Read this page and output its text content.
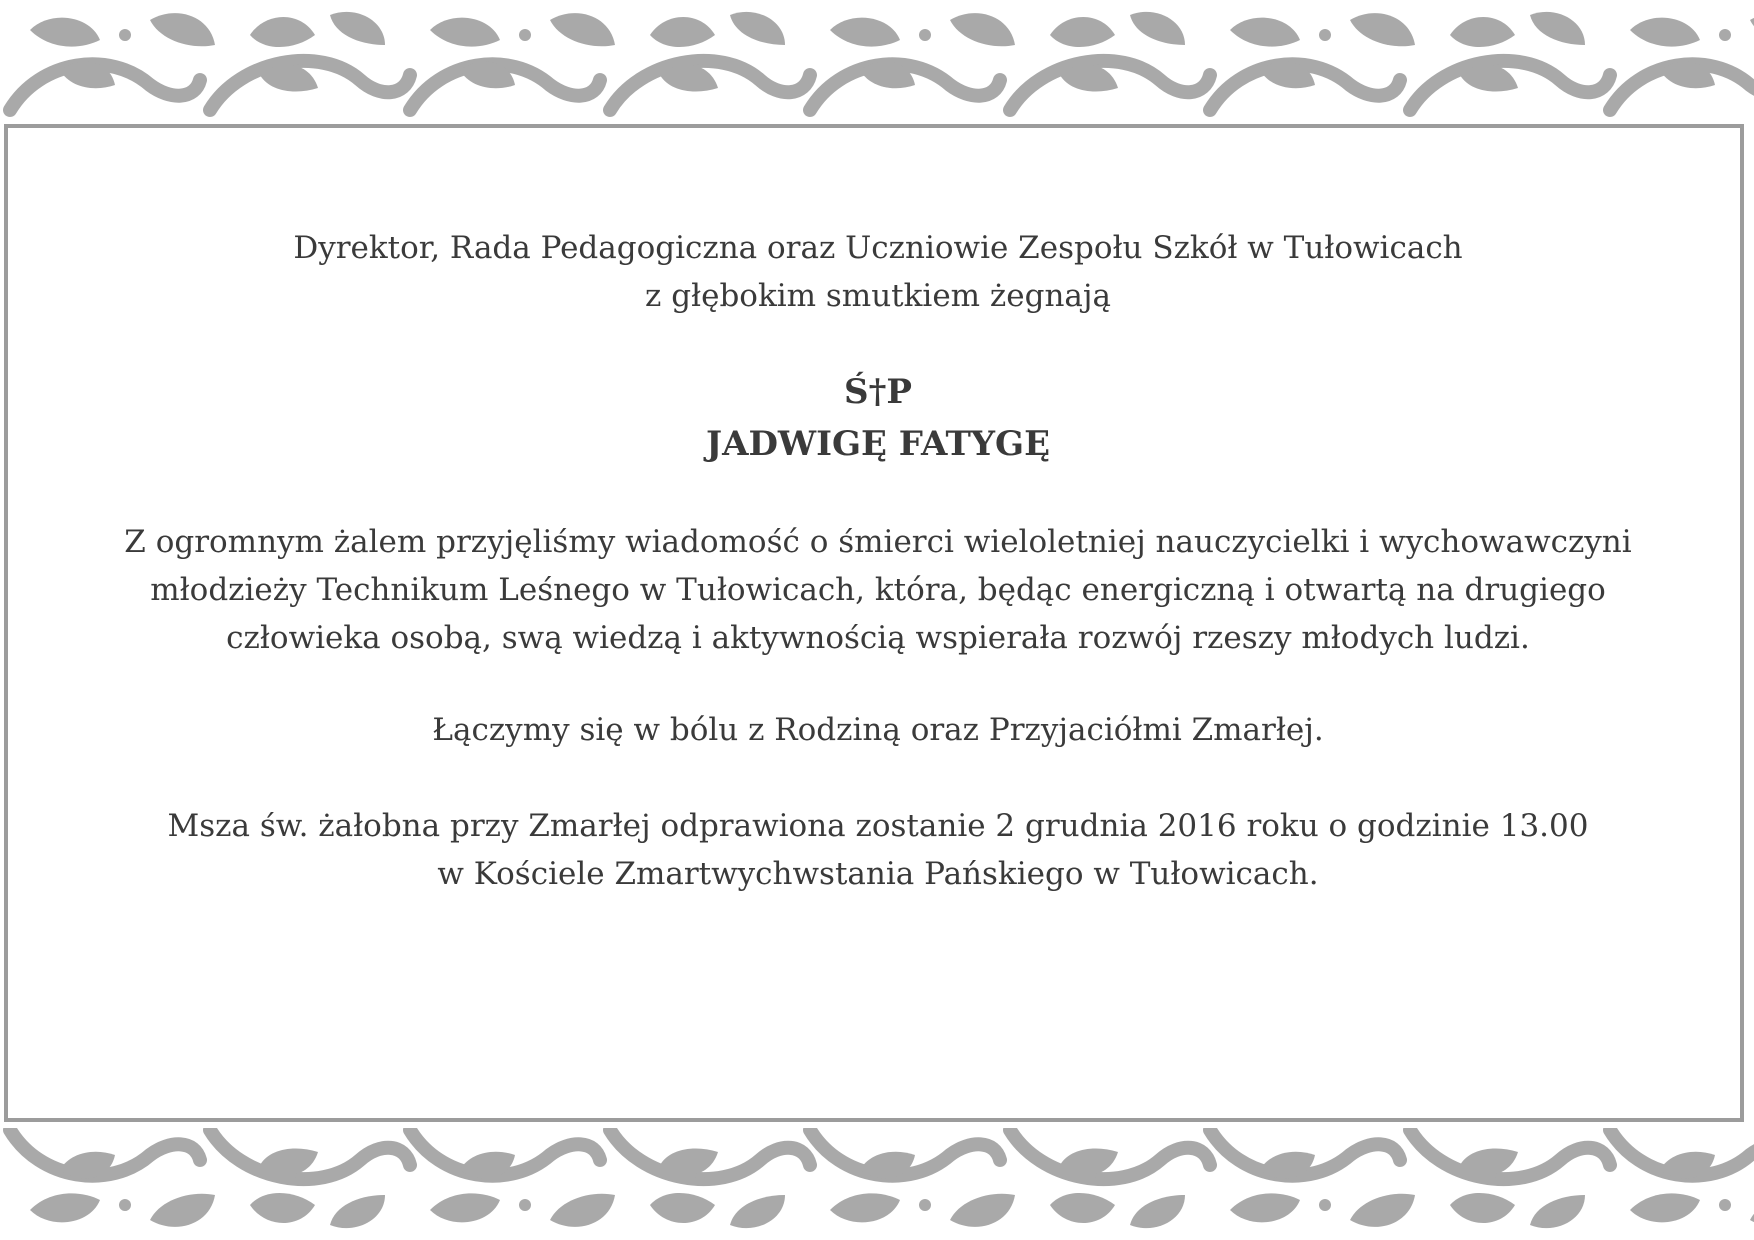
Dyrektor, Rada Pedagogiczna oraz Uczniowie Zespołu Szkół w Tułowicach
z głębokim smutkiem żegnają
Ś†P
JADWIGĘ FATYGĘ
Z ogromnym żalem przyjęliśmy wiadomość o śmierci wieloletniej nauczycielki i wychowawczyni
młodzieży Technikum Leśnego w Tułowicach, która, będąc energiczną i otwartą na drugiego
człowieka osobą, swą wiedzą i aktywnością wspierała rozwój rzeszy młodych ludzi.
Łączymy się w bólu z Rodziną oraz Przyjaciółmi Zmarłej.
Msza św. żałobna przy Zmarłej odprawiona zostanie 2 grudnia 2016 roku o godzinie 13.00
w Kościele Zmartwychwstania Pańskiego w Tułowicach.
